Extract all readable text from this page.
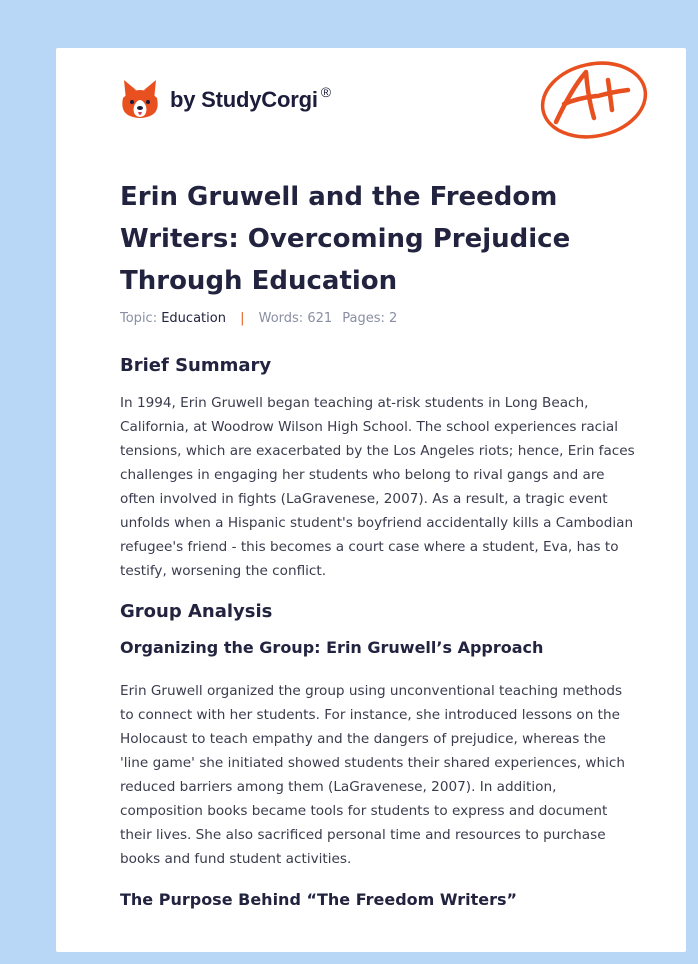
by StudyCorgi ®
Erin Gruwell and the Freedom Writers: Overcoming Prejudice Through Education
Topic: Education | Words: 621 Pages: 2
Brief Summary

In 1994, Erin Gruwell began teaching at-risk students in Long Beach, California, at Woodrow Wilson High School. The school experiences racial tensions, which are exacerbated by the Los Angeles riots; hence, Erin faces challenges in engaging her students who belong to rival gangs and are often involved in fights (LaGravenese, 2007). As a result, a tragic event unfolds when a Hispanic student's boyfriend accidentally kills a Cambodian refugee's friend - this becomes a court case where a student, Eva, has to testify, worsening the conflict.

Group Analysis
Organizing the Group: Erin Gruwell’s Approach

Erin Gruwell organized the group using unconventional teaching methods to connect with her students. For instance, she introduced lessons on the Holocaust to teach empathy and the dangers of prejudice, whereas the 'line game' she initiated showed students their shared experiences, which reduced barriers among them (LaGravenese, 2007). In addition, composition books became tools for students to express and document their lives. She also sacrificed personal time and resources to purchase books and fund student activities.

The Purpose Behind “The Freedom Writers”
